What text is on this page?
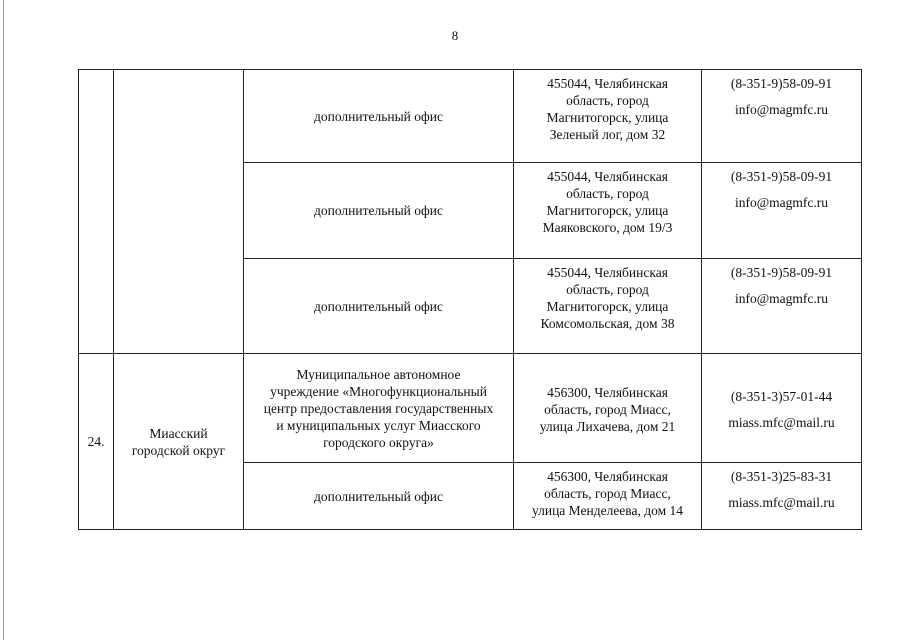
8
		дополнительный офис	455044, Челябинская
область, город
Магнитогорск, улица
Зеленый лог, дом 32	(8-351-9)58-09-91
info@magmfc.ru

		дополнительный офис	455044, Челябинская
область, город
Магнитогорск, улица
Маяковского, дом 19/3	(8-351-9)58-09-91
info@magmfc.ru

		дополнительный офис	455044, Челябинская
область, город
Магнитогорск, улица
Комсомольская, дом 38	(8-351-9)58-09-91
info@magmfc.ru

24.	Миасский
городской округ	Муниципальное автономное
учреждение «Многофункциональный
центр предоставления государственных
и муниципальных услуг Миасского
городского округа»	456300, Челябинская
область, город Миасс,
улица Лихачева, дом 21	(8-351-3)57-01-44
miass.mfc@mail.ru

		дополнительный офис	456300, Челябинская
область, город Миасс,
улица Менделеева, дом 14	(8-351-3)25-83-31
miass.mfc@mail.ru
